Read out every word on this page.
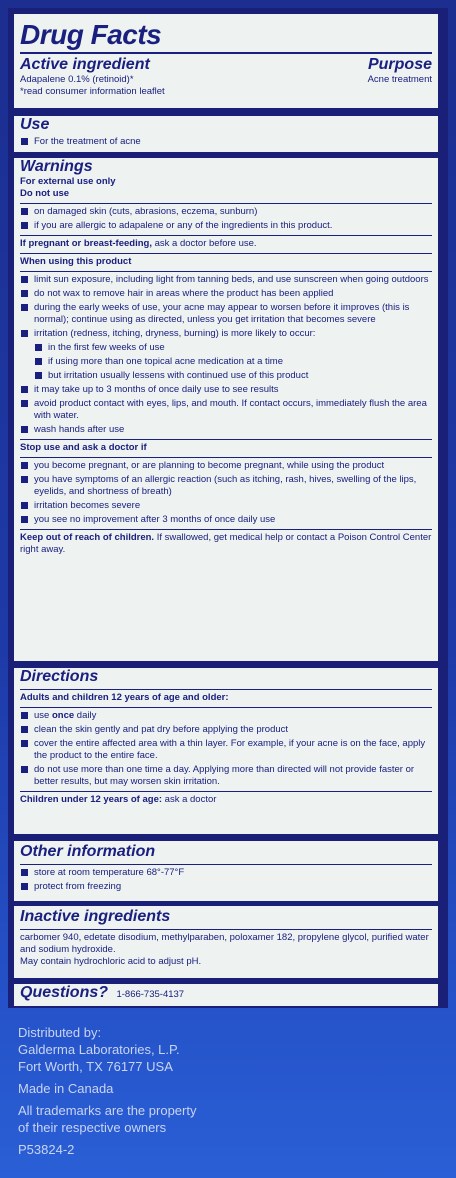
Drug Facts
Active ingredient
Adapalene 0.1% (retinoid)*
*read consumer information leaflet
Purpose
Acne treatment
Use
For the treatment of acne
Warnings
For external use only
Do not use
on damaged skin (cuts, abrasions, eczema, sunburn)
if you are allergic to adapalene or any of the ingredients in this product.
If pregnant or breast-feeding, ask a doctor before use.
When using this product
limit sun exposure, including light from tanning beds, and use sunscreen when going outdoors
do not wax to remove hair in areas where the product has been applied
during the early weeks of use, your acne may appear to worsen before it improves (this is normal); continue using as directed, unless you get irritation that becomes severe
irritation (redness, itching, dryness, burning) is more likely to occur:
in the first few weeks of use
if using more than one topical acne medication at a time
but irritation usually lessens with continued use of this product
it may take up to 3 months of once daily use to see results
avoid product contact with eyes, lips, and mouth. If contact occurs, immediately flush the area with water.
wash hands after use
Stop use and ask a doctor if
you become pregnant, or are planning to become pregnant, while using the product
you have symptoms of an allergic reaction (such as itching, rash, hives, swelling of the lips, eyelids, and shortness of breath)
irritation becomes severe
you see no improvement after 3 months of once daily use
Keep out of reach of children. If swallowed, get medical help or contact a Poison Control Center right away.
Directions
Adults and children 12 years of age and older:
use once daily
clean the skin gently and pat dry before applying the product
cover the entire affected area with a thin layer. For example, if your acne is on the face, apply the product to the entire face.
do not use more than one time a day. Applying more than directed will not provide faster or better results, but may worsen skin irritation.
Children under 12 years of age: ask a doctor
Other information
store at room temperature 68°-77°F
protect from freezing
Inactive ingredients
carbomer 940, edetate disodium, methylparaben, poloxamer 182, propylene glycol, purified water and sodium hydroxide.
May contain hydrochloric acid to adjust pH.
Questions? 1-866-735-4137
Distributed by:
Galderma Laboratories, L.P.
Fort Worth, TX 76177 USA
Made in Canada
All trademarks are the property
of their respective owners
P53824-2
